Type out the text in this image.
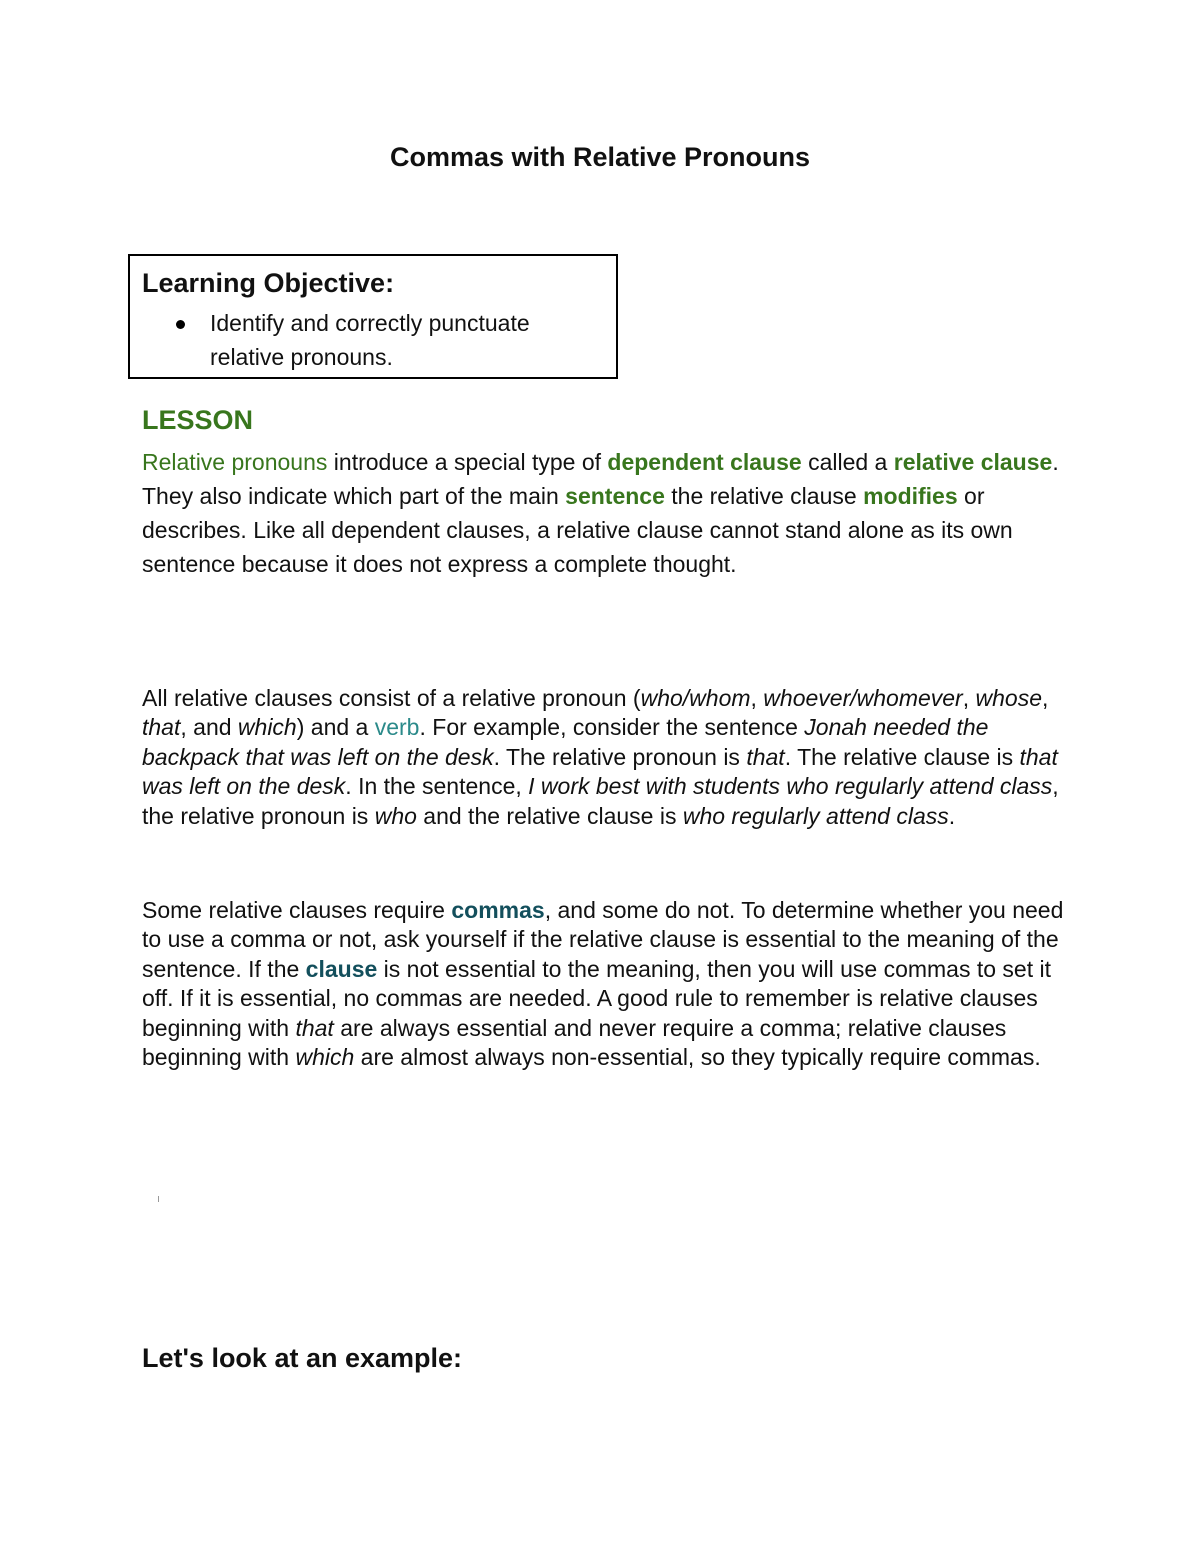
Commas with Relative Pronouns
Learning Objective:
Identify and correctly punctuate relative pronouns.
LESSON

Relative pronouns introduce a special type of dependent clause called a relative clause. They also indicate which part of the main sentence the relative clause modifies or describes. Like all dependent clauses, a relative clause cannot stand alone as its own sentence because it does not express a complete thought.

All relative clauses consist of a relative pronoun (who/whom, whoever/whomever, whose, that, and which) and a verb. For example, consider the sentence Jonah needed the backpack that was left on the desk. The relative pronoun is that. The relative clause is that was left on the desk. In the sentence, I work best with students who regularly attend class, the relative pronoun is who and the relative clause is who regularly attend class.

Some relative clauses require commas, and some do not. To determine whether you need to use a comma or not, ask yourself if the relative clause is essential to the meaning of the sentence. If the clause is not essential to the meaning, then you will use commas to set it off. If it is essential, no commas are needed. A good rule to remember is relative clauses beginning with that are always essential and never require a comma; relative clauses beginning with which are almost always non-essential, so they typically require commas.

Let's look at an example:
